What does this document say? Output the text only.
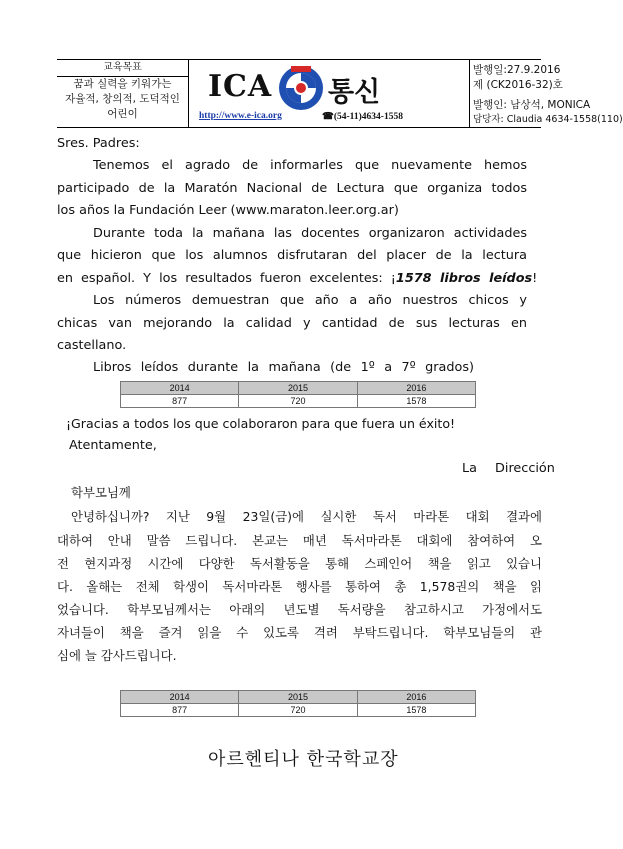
교육목표
꿈과 실력을 키워가는
자율적, 창의적, 도덕적인
어린이
ICA 통신
http://www.e-ica.org	☎(54-11)4634-1558
발행일:27.9.2016
제 (CK2016-32)호
발행인: 남상석, MONICA
담당자: Claudia 4634-1558(110)
Sres. Padres:
Tenemos el agrado de informarles que nuevamente hemos
participado de la Maratón Nacional de Lectura que organiza todos
los años la Fundación Leer (www.maraton.leer.org.ar)
Durante toda la mañana las docentes organizaron actividades
que hicieron que los alumnos disfrutaran del placer de la lectura
en español. Y los resultados fueron excelentes: ¡1578 libros leídos!
Los números demuestran que año a año nuestros chicos y
chicas van mejorando la calidad y cantidad de sus lecturas en
castellano.
Libros leídos durante la mañana (de 1º a 7º grados)
2014	2015	2016
877	720	1578
¡Gracias a todos los que colaboraron para que fuera un éxito!
Atentamente,
La Dirección
학부모님께
안녕하십니까? 지난 9월 23일(금)에 실시한 독서 마라톤 대회 결과에
대하여 안내 말씀 드립니다. 본교는 매년 독서마라톤 대회에 참여하여 오
전 현지과정 시간에 다양한 독서활동을 통해 스페인어 책을 읽고 있습니
다. 올해는 전체 학생이 독서마라톤 행사를 통하여 총 1,578권의 책을 읽
었습니다. 학부모님께서는 아래의 년도별 독서량을 참고하시고 가정에서도
자녀들이 책을 즐겨 읽을 수 있도록 격려 부탁드립니다. 학부모님들의 관
심에 늘 감사드립니다.
2014	2015	2016
877	720	1578
아르헨티나 한국학교장
